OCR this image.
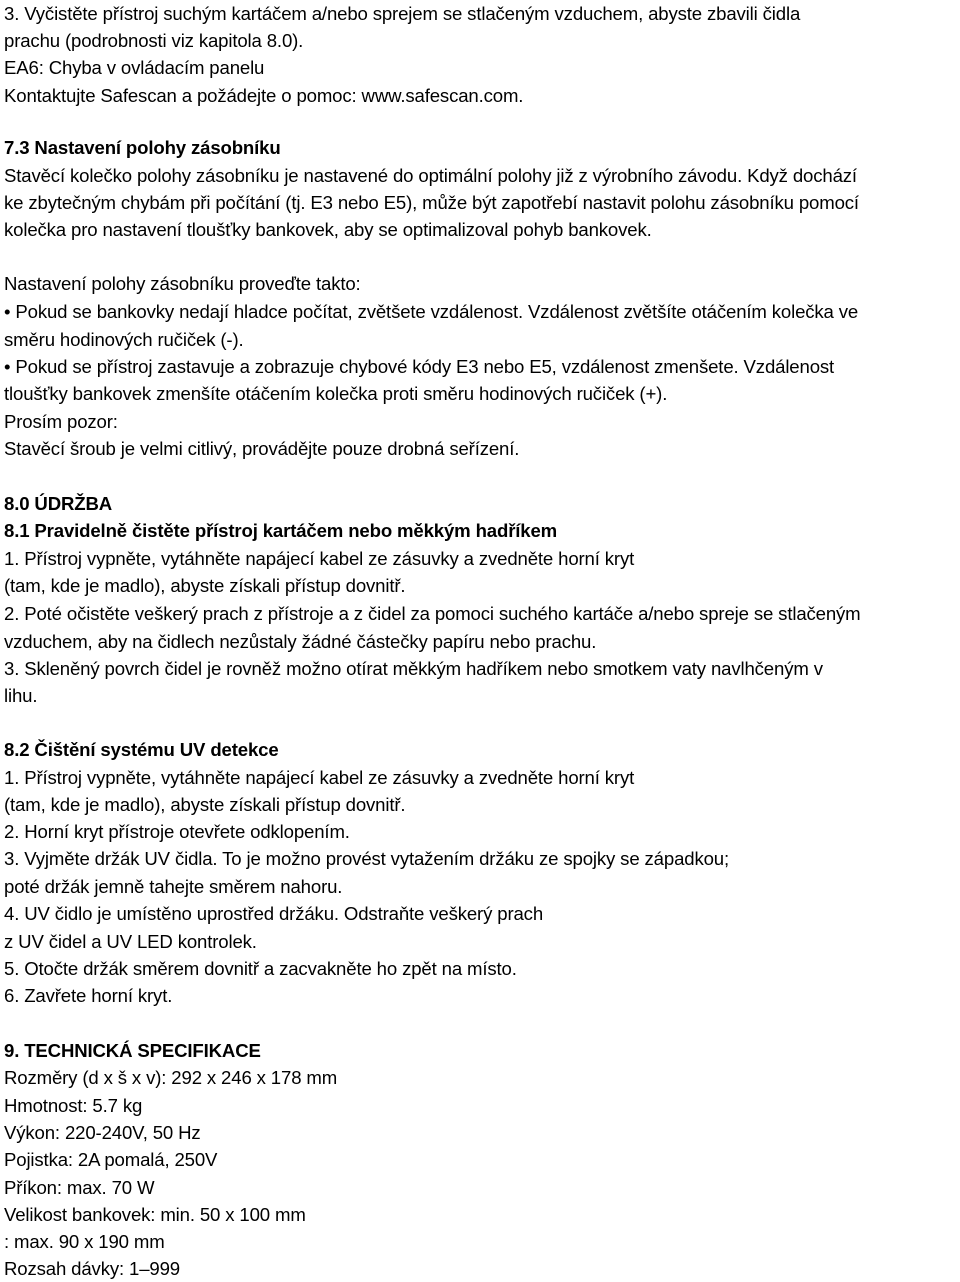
3. Vyčistěte přístroj suchým kartáčem a/nebo sprejem se stlačeným vzduchem, abyste zbavili čidla
prachu (podrobnosti viz kapitola 8.0).
EA6: Chyba v ovládacím panelu
Kontaktujte Safescan a požádejte o pomoc: www.safescan.com.
7.3 Nastavení polohy zásobníku
Stavěcí kolečko polohy zásobníku je nastavené do optimální polohy již z výrobního závodu. Když dochází
ke zbytečným chybám při počítání (tj. E3 nebo E5), může být zapotřebí nastavit polohu zásobníku pomocí
kolečka pro nastavení tloušťky bankovek, aby se optimalizoval pohyb bankovek.
Nastavení polohy zásobníku proveďte takto:
• Pokud se bankovky nedají hladce počítat, zvětšete vzdálenost. Vzdálenost zvětšíte otáčením kolečka ve
směru hodinových ručiček (-).
• Pokud se přístroj zastavuje a zobrazuje chybové kódy E3 nebo E5, vzdálenost zmenšete. Vzdálenost
tloušťky bankovek zmenšíte otáčením kolečka proti směru hodinových ručiček (+).
Prosím pozor:
Stavěcí šroub je velmi citlivý, provádějte pouze drobná seřízení.
8.0 ÚDRŽBA
8.1 Pravidelně čistěte přístroj kartáčem nebo měkkým hadříkem
1. Přístroj vypněte, vytáhněte napájecí kabel ze zásuvky a zvedněte horní kryt
(tam, kde je madlo), abyste získali přístup dovnitř.
2. Poté očistěte veškerý prach z přístroje a z čidel za pomoci suchého kartáče a/nebo spreje se stlačeným
vzduchem, aby na čidlech nezůstaly žádné částečky papíru nebo prachu.
3. Skleněný povrch čidel je rovněž možno otírat měkkým hadříkem nebo smotkem vaty navlhčeným v
lihu.
8.2 Čištění systému UV detekce
1. Přístroj vypněte, vytáhněte napájecí kabel ze zásuvky a zvedněte horní kryt
(tam, kde je madlo), abyste získali přístup dovnitř.
2. Horní kryt přístroje otevřete odklopením.
3. Vyjměte držák UV čidla. To je možno provést vytažením držáku ze spojky se západkou;
poté držák jemně tahejte směrem nahoru.
4. UV čidlo je umístěno uprostřed držáku. Odstraňte veškerý prach
z UV čidel a UV LED kontrolek.
5. Otočte držák směrem dovnitř a zacvakněte ho zpět na místo.
6. Zavřete horní kryt.
9. TECHNICKÁ SPECIFIKACE
Rozměry (d x š x v): 292 x 246 x 178 mm
Hmotnost: 5.7 kg
Výkon: 220-240V, 50 Hz
Pojistka: 2A pomalá, 250V
Příkon: max. 70 W
Velikost bankovek: min. 50 x 100 mm
: max. 90 x 190 mm
Rozsah dávky: 1–999
